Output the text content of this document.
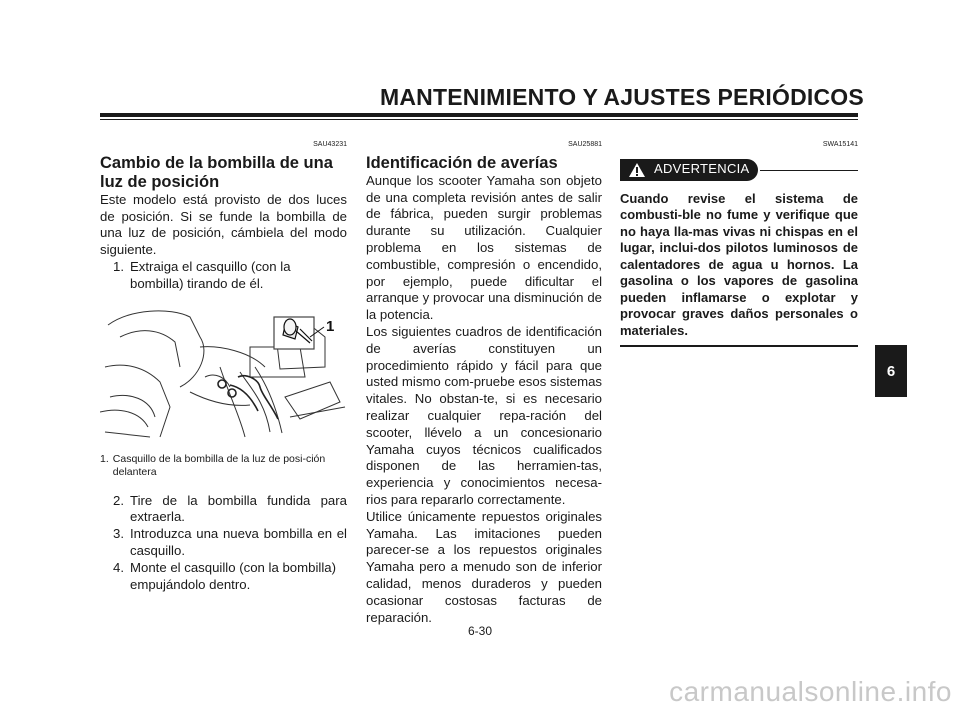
MANTENIMIENTO Y AJUSTES PERIÓDICOS
SAU43231
Cambio de la bombilla de una
luz de posición

Este modelo está provisto de dos luces de posición. Si se funde la bombilla de una luz de posición, cámbiela del modo siguiente.

1. Extraiga el casquillo (con la bombilla) tirando de él.
1
1. Casquillo de la bombilla de la luz de posi-ción delantera
2. Tire de la bombilla fundida para extraerla.
3. Introduzca una nueva bombilla en el casquillo.
4. Monte el casquillo (con la bombilla) empujándolo dentro.
SAU25881
Identificación de averías

Aunque los scooter Yamaha son objeto de una completa revisión antes de salir de fábrica, pueden surgir problemas durante su utilización. Cualquier problema en los sistemas de combustible, compresión o encendido, por ejemplo, puede dificultar el arranque y provocar una disminución de la potencia.

Los siguientes cuadros de identificación de averías constituyen un procedimiento rápido y fácil para que usted mismo com-pruebe esos sistemas vitales. No obstan-te, si es necesario realizar cualquier repa-ración del scooter, llévelo a un concesionario Yamaha cuyos técnicos cualificados disponen de las herramien-tas, experiencia y conocimientos necesa-rios para repararlo correctamente.

Utilice únicamente repuestos originales Yamaha. Las imitaciones pueden parecer-se a los repuestos originales Yamaha pero a menudo son de inferior calidad, menos duraderos y pueden ocasionar costosas facturas de reparación.

SWA15141
ADVERTENCIA

Cuando revise el sistema de combusti-ble no fume y verifique que no haya lla-mas vivas ni chispas en el lugar, inclui-dos pilotos luminosos de calentadores de agua u hornos. La gasolina o los vapores de gasolina pueden inflamarse o explotar y provocar graves daños personales o materiales.

6-30
6
carmanualsonline.info
